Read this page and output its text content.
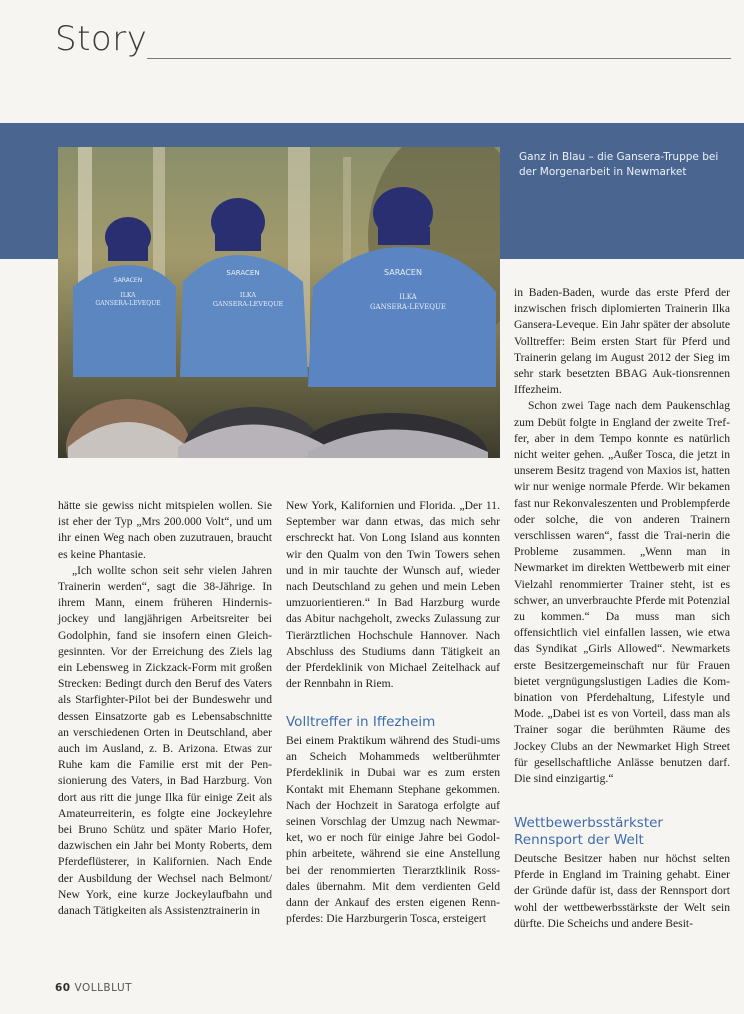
Story
Ganz in Blau – die Gansera-Truppe bei der Morgenarbeit in Newmarket
SARACEN
ILKA
GANSERA-LEVEQUE
SARACEN
ILKA
GANSERA-LEVEQUE
SARACEN
ILKA
GANSERA-LEVEQUE

hätte sie gewiss nicht mitspielen wollen. Sie ist eher der Typ „Mrs 200.000 Volt“, und um ihr einen Weg nach oben zuzutrauen, braucht es keine Phantasie.

„Ich wollte schon seit sehr vielen Jahren Trainerin werden“, sagt die 38-Jährige. In ihrem Mann, einem früheren Hindernis-jockey und langjährigen Arbeitsreiter bei Godolphin, fand sie insofern einen Gleich-gesinnten. Vor der Erreichung des Ziels lag ein Lebensweg in Zickzack-Form mit großen Strecken: Bedingt durch den Beruf des Vaters als Starfighter-Pilot bei der Bundeswehr und dessen Einsatzorte gab es Lebensabschnitte an verschiedenen Orten in Deutschland, aber auch im Ausland, z. B. Arizona. Etwas zur Ruhe kam die Familie erst mit der Pen-sionierung des Vaters, in Bad Harzburg. Von dort aus ritt die junge Ilka für einige Zeit als Amateurreiterin, es folgte eine Jockeylehre bei Bruno Schütz und später Mario Hofer, dazwischen ein Jahr bei Monty Roberts, dem Pferdeflüsterer, in Kalifornien. Nach Ende der Ausbildung der Wechsel nach Belmont/ New York, eine kurze Jockeylaufbahn und danach Tätigkeiten als Assistenztrainerin in

New York, Kalifornien und Florida. „Der 11. September war dann etwas, das mich sehr erschreckt hat. Von Long Island aus konnten wir den Qualm von den Twin Towers sehen und in mir tauchte der Wunsch auf, wieder nach Deutschland zu gehen und mein Leben umzuorientieren.“ In Bad Harzburg wurde das Abitur nachgeholt, zwecks Zulassung zur Tierärztlichen Hochschule Hannover. Nach Abschluss des Studiums dann Tätigkeit an der Pferdeklinik von Michael Zeitelhack auf der Rennbahn in Riem.

Volltreffer in Iffezheim

Bei einem Praktikum während des Studi-ums an Scheich Mohammeds weltberühmter Pferdeklinik in Dubai war es zum ersten Kontakt mit Ehemann Stephane gekommen. Nach der Hochzeit in Saratoga erfolgte auf seinen Vorschlag der Umzug nach Newmar-ket, wo er noch für einige Jahre bei Godol-phin arbeitete, während sie eine Anstellung bei der renommierten Tierarztklinik Ross-dales übernahm. Mit dem verdienten Geld dann der Ankauf des ersten eigenen Renn-pferdes: Die Harzburgerin Tosca, ersteigert

in Baden-Baden, wurde das erste Pferd der inzwischen frisch diplomierten Trainerin Ilka Gansera-Leveque. Ein Jahr später der absolute Volltreffer: Beim ersten Start für Pferd und Trainerin gelang im August 2012 der Sieg im sehr stark besetzten BBAG Auk-tionsrennen Iffezheim.

Schon zwei Tage nach dem Paukenschlag zum Debüt folgte in England der zweite Tref-fer, aber in dem Tempo konnte es natürlich nicht weiter gehen. „Außer Tosca, die jetzt in unserem Besitz tragend von Maxios ist, hatten wir nur wenige normale Pferde. Wir bekamen fast nur Rekonvaleszenten und Problempferde oder solche, die von anderen Trainern verschlissen waren“, fasst die Trai-nerin die Probleme zusammen. „Wenn man in Newmarket im direkten Wettbewerb mit einer Vielzahl renommierter Trainer steht, ist es schwer, an unverbrauchte Pferde mit Potenzial zu kommen.“ Da muss man sich offensichtlich viel einfallen lassen, wie etwa das Syndikat „Girls Allowed“. Newmarkets erste Besitzergemeinschaft nur für Frauen bietet vergnügungslustigen Ladies die Kom-bination von Pferdehaltung, Lifestyle und Mode. „Dabei ist es von Vorteil, dass man als Trainer sogar die berühmten Räume des Jockey Clubs an der Newmarket High Street für gesellschaftliche Anlässe benutzen darf. Die sind einzigartig.“

Wettbewerbsstärkster Rennsport der Welt

Deutsche Besitzer haben nur höchst selten Pferde in England im Training gehabt. Einer der Gründe dafür ist, dass der Rennsport dort wohl der wettbewerbsstärkste der Welt sein dürfte. Die Scheichs und andere Besit-

60 VOLLBLUT
